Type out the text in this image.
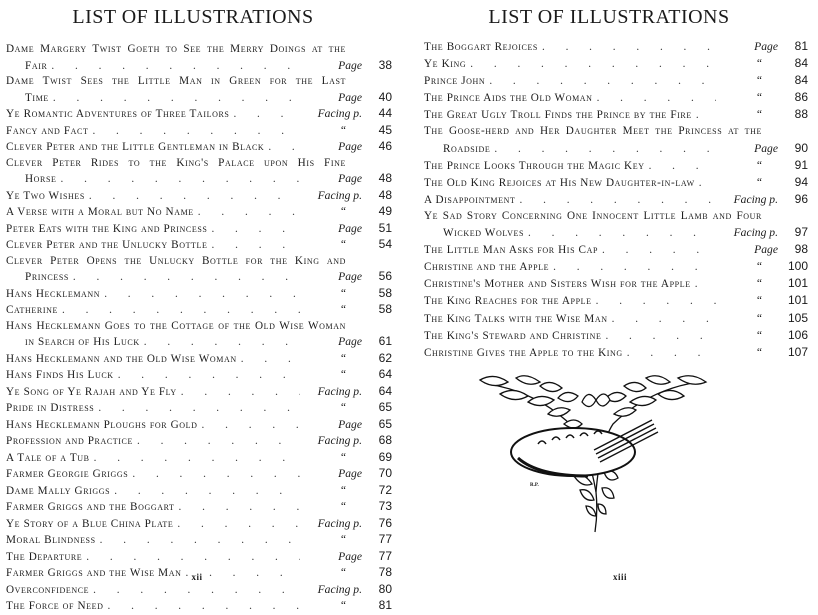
LIST OF ILLUSTRATIONS
Dame Margery Twist Goeth to See the Merry Doings at the
Fair . . .	Page	38
Dame Twist Sees the Little Man in Green for the Last
Time . . .	Page	40
Ye Romantic Adventures of Three Tailors . . .	Facing p.	44
Fancy and Fact . . .	“	45
Clever Peter and the Little Gentleman in Black . . .	Page	46
Clever Peter Rides to the King's Palace upon His Fine
Horse . . .	Page	48
Ye Two Wishes . . .	Facing p.	48
A Verse with a Moral but No Name . . .	“	49
Peter Eats with the King and Princess . . .	Page	51
Clever Peter and the Unlucky Bottle . . .	“	54
Clever Peter Opens the Unlucky Bottle for the King and
Princess . . .	Page	56
Hans Hecklemann . . .	“	58
Catherine . . .	“	58
Hans Hecklemann Goes to the Cottage of the Old Wise Woman
in Search of His Luck . . .	Page	61
Hans Hecklemann and the Old Wise Woman . . .	“	62
Hans Finds His Luck . . .	“	64
Ye Song of Ye Rajah and Ye Fly . . .	Facing p.	64
Pride in Distress . . .	“	65
Hans Hecklemann Ploughs for Gold . . .	Page	65
Profession and Practice . . .	Facing p.	68
A Tale of a Tub . . .	“	69
Farmer Georgie Griggs . . .	Page	70
Dame Mally Griggs . . .	“	72
Farmer Griggs and the Boggart . . .	“	73
Ye Story of a Blue China Plate . . .	Facing p.	76
Moral Blindness . . .	“	77
The Departure . . .	Page	77
Farmer Griggs and the Wise Man . . .	“	78
Overconfidence . . .	Facing p.	80
The Force of Need . . .	“	81
xii
LIST OF ILLUSTRATIONS
The Boggart Rejoices . . .	Page	81
Ye King . . .	“	84
Prince John . . .	“	84
The Prince Aids the Old Woman . . .	“	86
The Great Ugly Troll Finds the Prince by the Fire . . .	“	88
The Goose-herd and Her Daughter Meet the Princess at the
Roadside . . .	Page	90
The Prince Looks Through the Magic Key . . .	“	91
The Old King Rejoices at His New Daughter-in-law . . .	“	94
A Disappointment . . .	Facing p.	96
Ye Sad Story Concerning One Innocent Little Lamb and Four
Wicked Wolves . . .	Facing p.	97
The Little Man Asks for His Cap . . .	Page	98
Christine and the Apple . . .	“	100
Christine's Mother and Sisters Wish for the Apple . . .	“	101
The King Reaches for the Apple . . .	“	101
The King Talks with the Wise Man . . .	“	105
The King's Steward and Christine . . .	“	106
Christine Gives the Apple to the King . . .	“	107
R.P.
xiii
